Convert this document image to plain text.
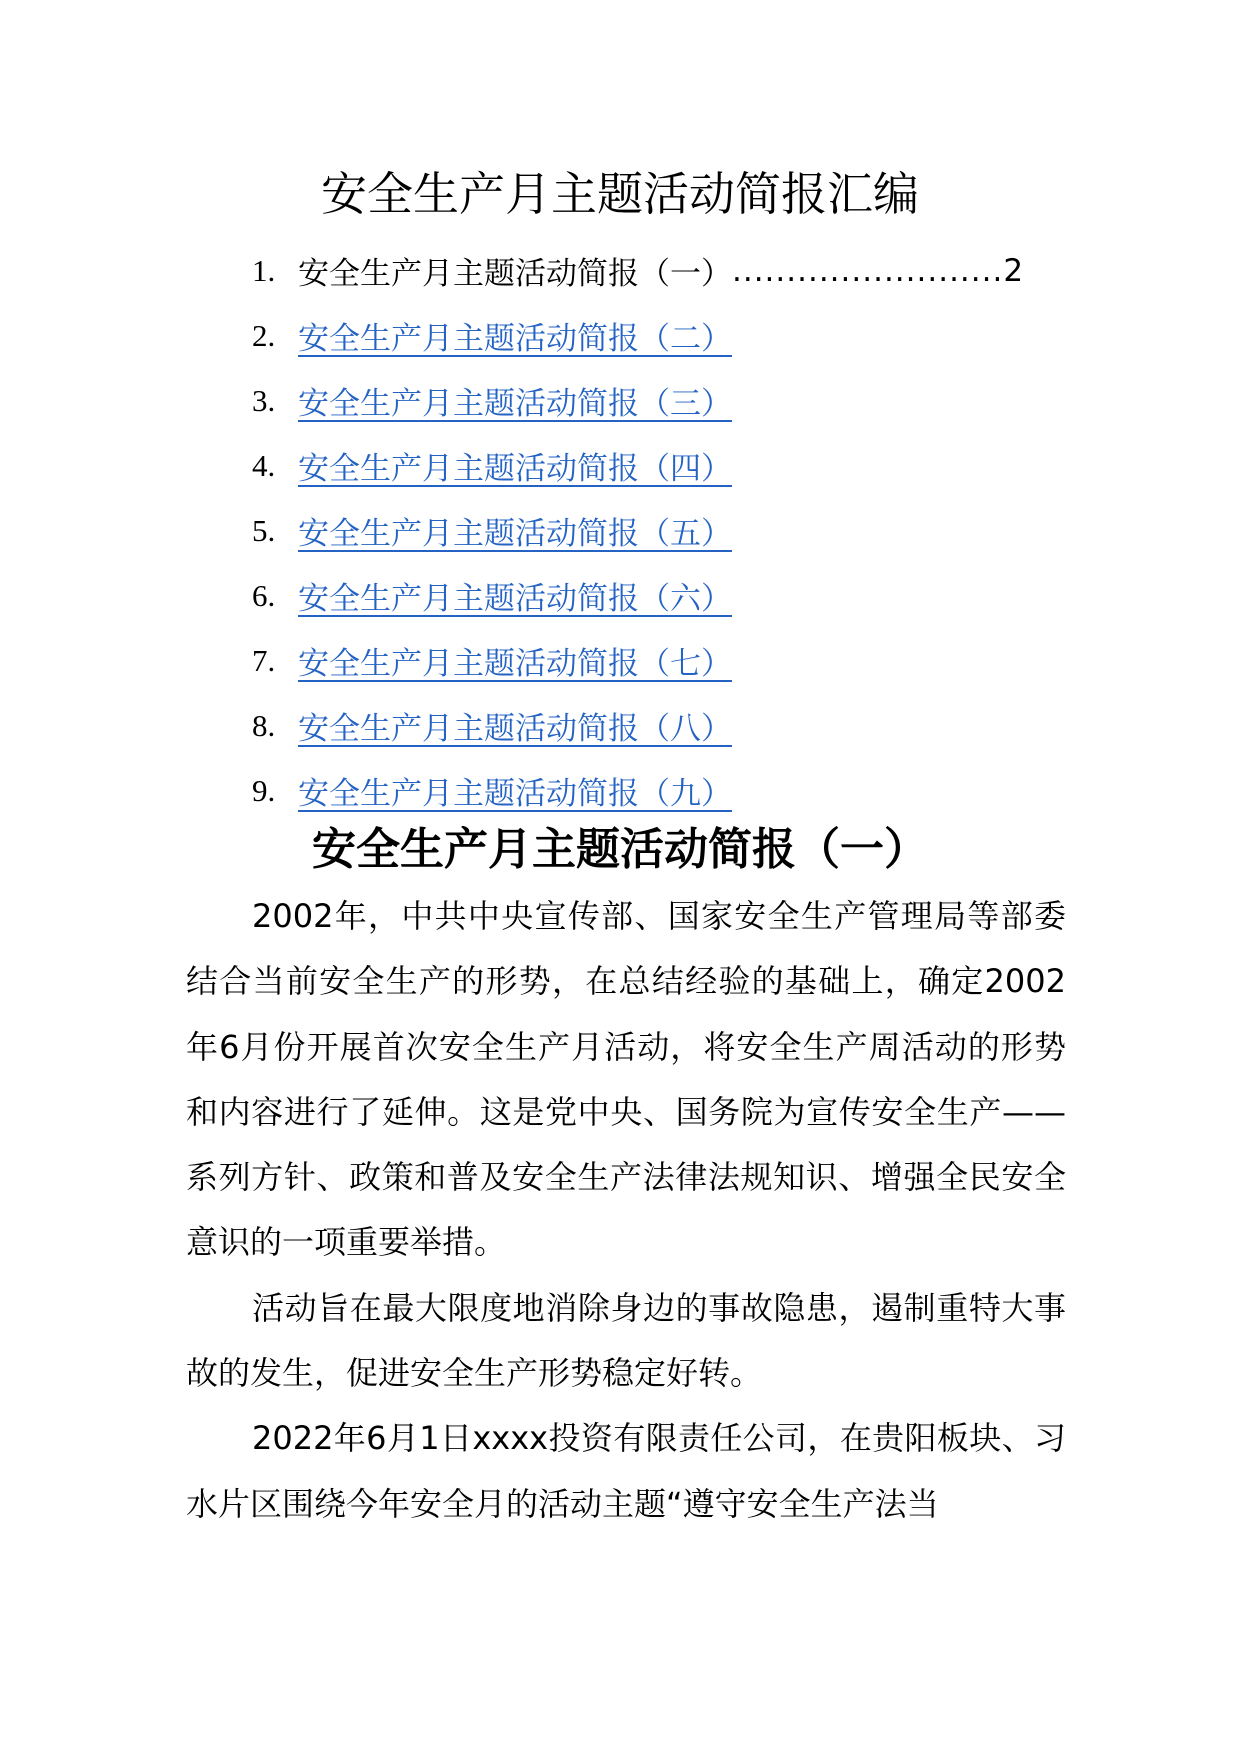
安全生产月主题活动简报汇编
1. 安全生产月主题活动简报（一） ......................... 2
2. 安全生产月主题活动简报（二）
3. 安全生产月主题活动简报（三）
4. 安全生产月主题活动简报（四）
5. 安全生产月主题活动简报（五）
6. 安全生产月主题活动简报（六）
7. 安全生产月主题活动简报（七）
8. 安全生产月主题活动简报（八）
9. 安全生产月主题活动简报（九）
安全生产月主题活动简报（一）

2002年，中共中央宣传部、国家安全生产管理局等部委结合当前安全生产的形势，在总结经验的基础上，确定2002年6月份开展首次安全生产月活动，将安全生产周活动的形势和内容进行了延伸。这是党中央、国务院为宣传安全生产——系列方针、政策和普及安全生产法律法规知识、增强全民安全意识的一项重要举措。

活动旨在最大限度地消除身边的事故隐患，遏制重特大事故的发生，促进安全生产形势稳定好转。

2022年6月1日xxxx投资有限责任公司，在贵阳板块、习水片区围绕今年安全月的活动主题“遵守安全生产法当
